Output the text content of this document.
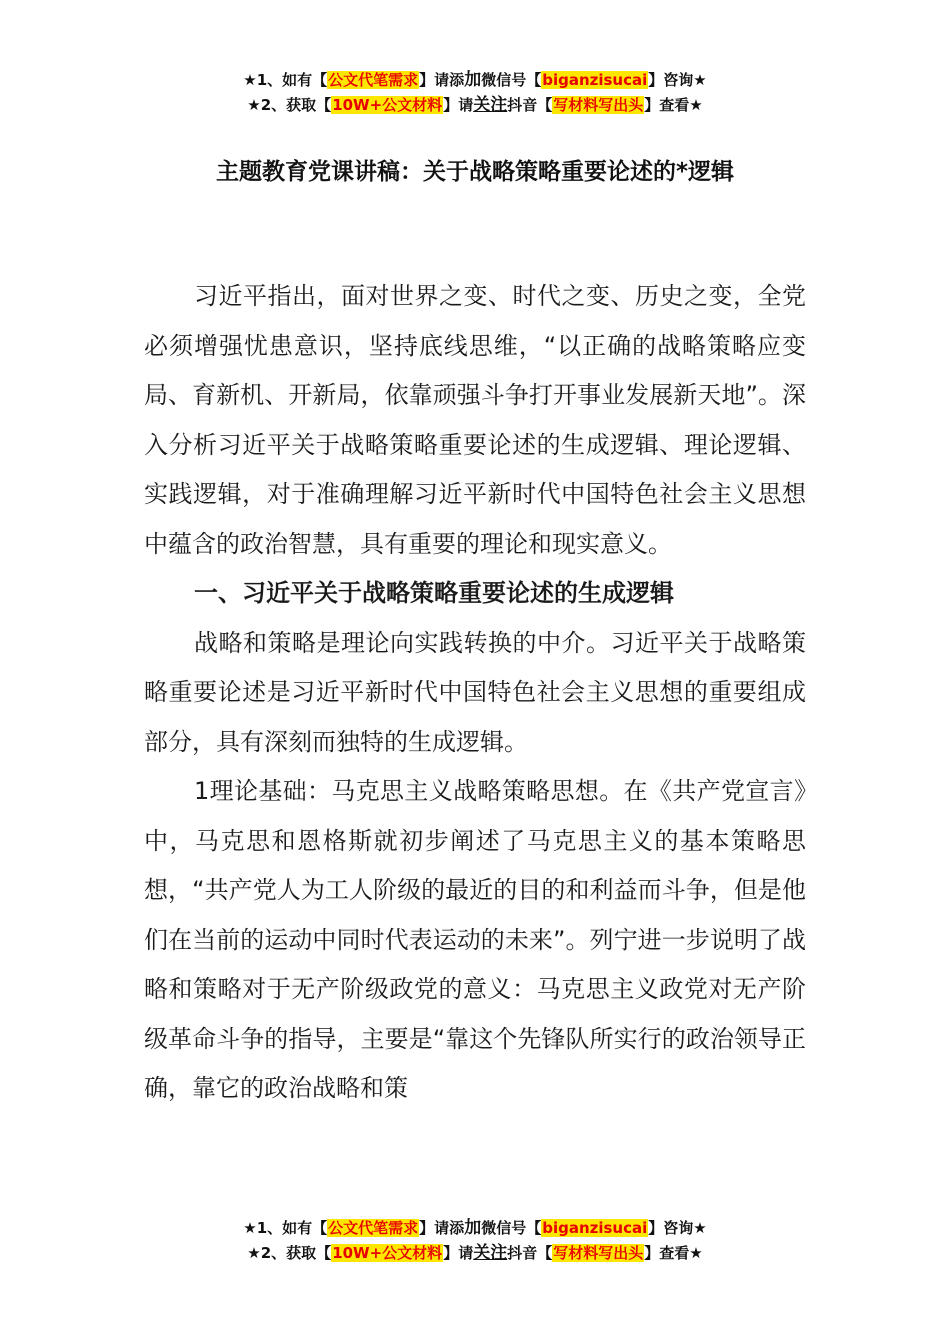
★1、如有【公文代笔需求】请添加微信号【biganzisucai】咨询★
★2、获取【10W+公文材料】请关注抖音【写材料写出头】查看★
主题教育党课讲稿：关于战略策略重要论述的*逻辑

习近平指出，面对世界之变、时代之变、历史之变，全党必须增强忧患意识，坚持底线思维，“以正确的战略策略应变局、育新机、开新局，依靠顽强斗争打开事业发展新天地”。深入分析习近平关于战略策略重要论述的生成逻辑、理论逻辑、实践逻辑，对于准确理解习近平新时代中国特色社会主义思想中蕴含的政治智慧，具有重要的理论和现实意义。

一、习近平关于战略策略重要论述的生成逻辑

战略和策略是理论向实践转换的中介。习近平关于战略策略重要论述是习近平新时代中国特色社会主义思想的重要组成部分，具有深刻而独特的生成逻辑。

1理论基础：马克思主义战略策略思想。在《共产党宣言》中，马克思和恩格斯就初步阐述了马克思主义的基本策略思想，“共产党人为工人阶级的最近的目的和利益而斗争，但是他们在当前的运动中同时代表运动的未来”。列宁进一步说明了战略和策略对于无产阶级政党的意义：马克思主义政党对无产阶级革命斗争的指导，主要是“靠这个先锋队所实行的政治领导正确，靠它的政治战略和策

★1、如有【公文代笔需求】请添加微信号【biganzisucai】咨询★
★2、获取【10W+公文材料】请关注抖音【写材料写出头】查看★
